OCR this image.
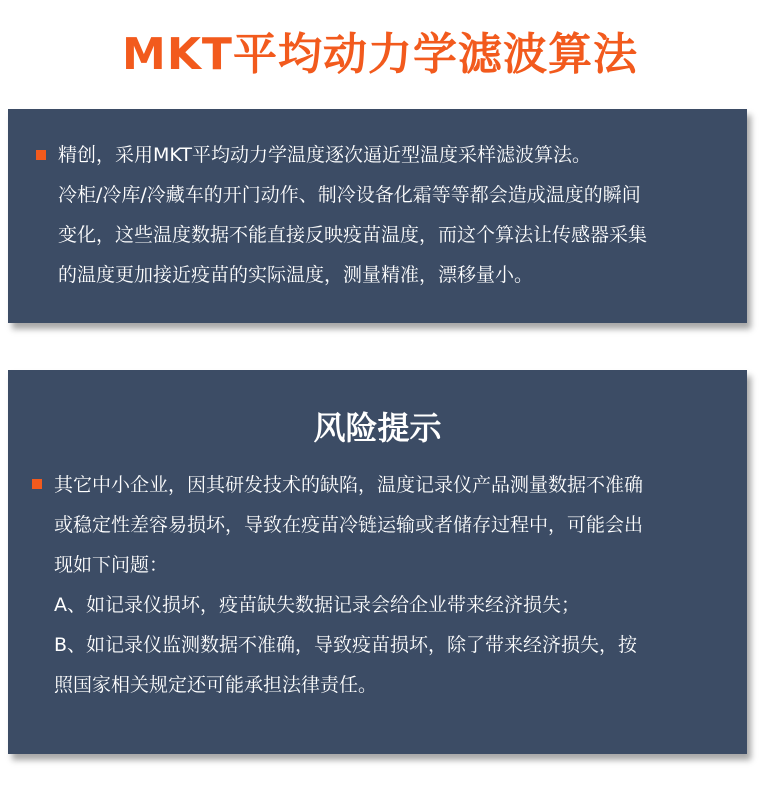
MKT平均动力学滤波算法
精创，采用MKT平均动力学温度逐次逼近型温度采样滤波算法。
冷柜/冷库/冷藏车的开门动作、制冷设备化霜等等都会造成温度的瞬间
变化，这些温度数据不能直接反映疫苗温度，而这个算法让传感器采集
的温度更加接近疫苗的实际温度，测量精准，漂移量小。
风险提示
其它中小企业，因其研发技术的缺陷，温度记录仪产品测量数据不准确
或稳定性差容易损坏，导致在疫苗冷链运输或者储存过程中，可能会出
现如下问题：
A、如记录仪损坏，疫苗缺失数据记录会给企业带来经济损失；
B、如记录仪监测数据不准确，导致疫苗损坏，除了带来经济损失，按
照国家相关规定还可能承担法律责任。
